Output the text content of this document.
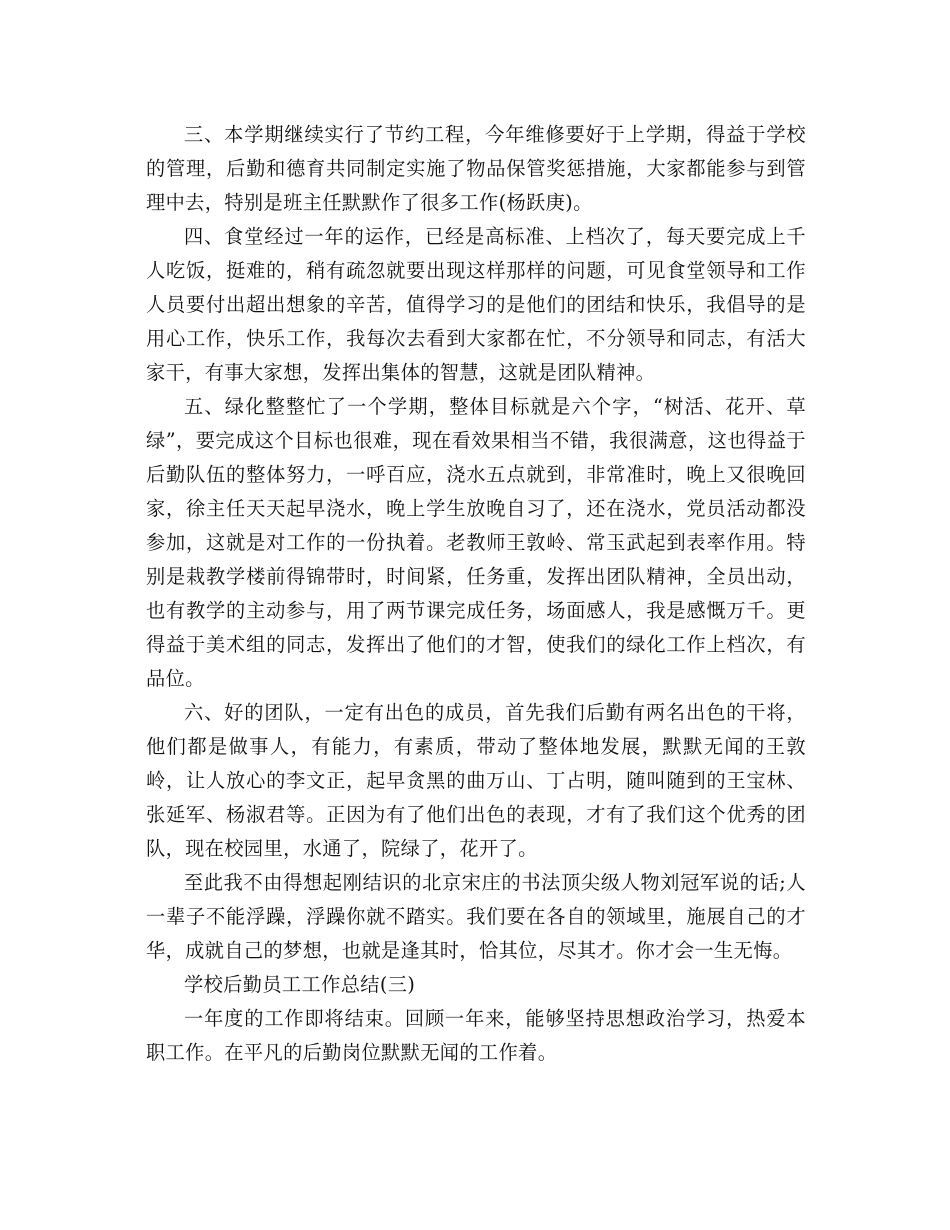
三、本学期继续实行了节约工程，今年维修要好于上学期，得益于学校的管理，后勤和德育共同制定实施了物品保管奖惩措施，大家都能参与到管理中去，特别是班主任默默作了很多工作(杨跃庚)。

四、食堂经过一年的运作，已经是高标准、上档次了，每天要完成上千人吃饭，挺难的，稍有疏忽就要出现这样那样的问题，可见食堂领导和工作人员要付出超出想象的辛苦，值得学习的是他们的团结和快乐，我倡导的是用心工作，快乐工作，我每次去看到大家都在忙，不分领导和同志，有活大家干，有事大家想，发挥出集体的智慧，这就是团队精神。

五、绿化整整忙了一个学期，整体目标就是六个字，“树活、花开、草绿”，要完成这个目标也很难，现在看效果相当不错，我很满意，这也得益于后勤队伍的整体努力，一呼百应，浇水五点就到，非常准时，晚上又很晚回家，徐主任天天起早浇水，晚上学生放晚自习了，还在浇水，党员活动都没参加，这就是对工作的一份执着。老教师王敦岭、常玉武起到表率作用。特别是栽教学楼前得锦带时，时间紧，任务重，发挥出团队精神，全员出动，也有教学的主动参与，用了两节课完成任务，场面感人，我是感慨万千。更得益于美术组的同志，发挥出了他们的才智，使我们的绿化工作上档次，有品位。

六、好的团队，一定有出色的成员，首先我们后勤有两名出色的干将，他们都是做事人，有能力，有素质，带动了整体地发展，默默无闻的王敦岭，让人放心的李文正，起早贪黑的曲万山、丁占明，随叫随到的王宝林、张延军、杨淑君等。正因为有了他们出色的表现，才有了我们这个优秀的团队，现在校园里，水通了，院绿了，花开了。

至此我不由得想起刚结识的北京宋庄的书法顶尖级人物刘冠军说的话;人一辈子不能浮躁，浮躁你就不踏实。我们要在各自的领域里，施展自己的才华，成就自己的梦想，也就是逢其时，恰其位，尽其才。你才会一生无悔。

学校后勤员工工作总结(三)

一年度的工作即将结束。回顾一年来，能够坚持思想政治学习，热爱本职工作。在平凡的后勤岗位默默无闻的工作着。
